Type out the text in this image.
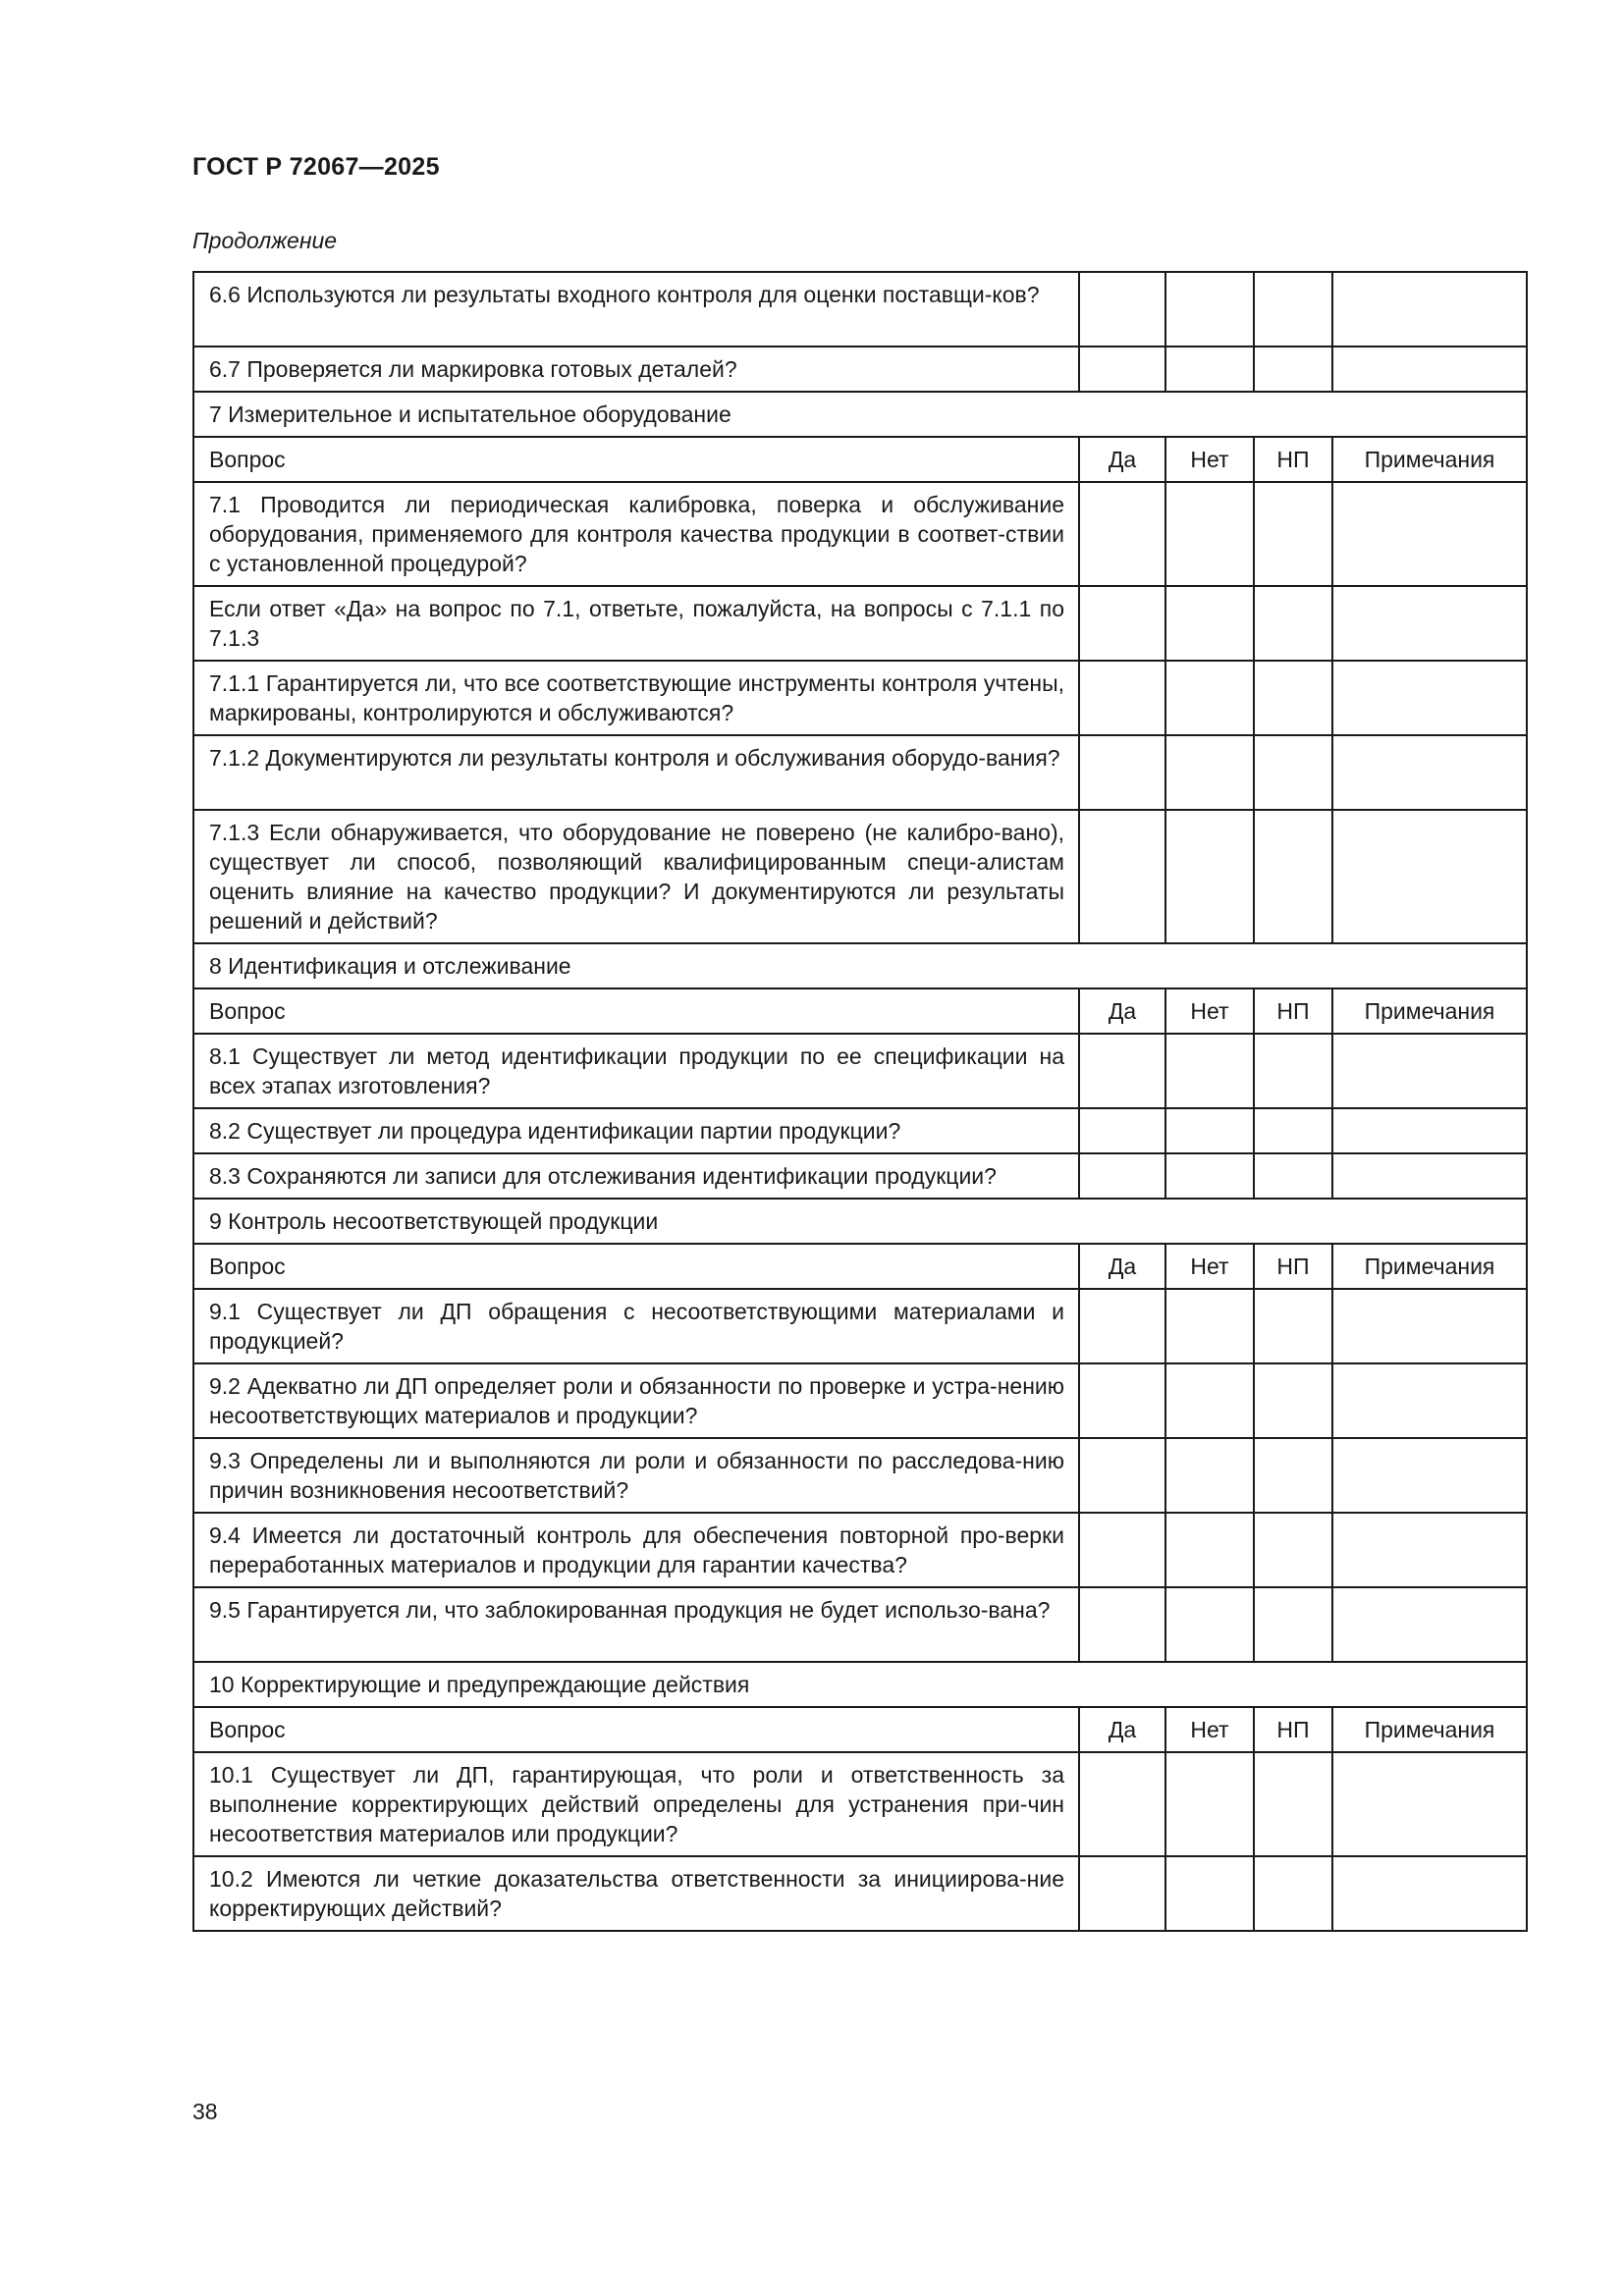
ГОСТ Р 72067—2025
Продолжение
6.6 Используются ли результаты входного контроля для оценки поставщи-ков?				
6.7 Проверяется ли маркировка готовых деталей?				
7 Измерительное и испытательное оборудование				
Вопрос	Да	Нет	НП	Примечания
7.1 Проводится ли периодическая калибровка, поверка и обслуживание оборудования, применяемого для контроля качества продукции в соответ-ствии с установленной процедурой?				
Если ответ «Да» на вопрос по 7.1, ответьте, пожалуйста, на вопросы с 7.1.1 по 7.1.3				
7.1.1 Гарантируется ли, что все соответствующие инструменты контроля учтены, маркированы, контролируются и обслуживаются?				
7.1.2 Документируются ли результаты контроля и обслуживания оборудо-вания?				
7.1.3 Если обнаруживается, что оборудование не поверено (не калибро-вано), существует ли способ, позволяющий квалифицированным специ-алистам оценить влияние на качество продукции? И документируются ли результаты решений и действий?				
8 Идентификация и отслеживание				
Вопрос	Да	Нет	НП	Примечания
8.1 Существует ли метод идентификации продукции по ее спецификации на всех этапах изготовления?				
8.2 Существует ли процедура идентификации партии продукции?				
8.3 Сохраняются ли записи для отслеживания идентификации продукции?				
9 Контроль несоответствующей продукции				
Вопрос	Да	Нет	НП	Примечания
9.1 Существует ли ДП обращения с несоответствующими материалами и продукцией?				
9.2 Адекватно ли ДП определяет роли и обязанности по проверке и устра-нению несоответствующих материалов и продукции?				
9.3 Определены ли и выполняются ли роли и обязанности по расследова-нию причин возникновения несоответствий?				
9.4 Имеется ли достаточный контроль для обеспечения повторной про-верки переработанных материалов и продукции для гарантии качества?				
9.5 Гарантируется ли, что заблокированная продукция не будет использо-вана?				
10 Корректирующие и предупреждающие действия				
Вопрос	Да	Нет	НП	Примечания
10.1 Существует ли ДП, гарантирующая, что роли и ответственность за выполнение корректирующих действий определены для устранения при-чин несоответствия материалов или продукции?				
10.2 Имеются ли четкие доказательства ответственности за инициирова-ние корректирующих действий?				
38
